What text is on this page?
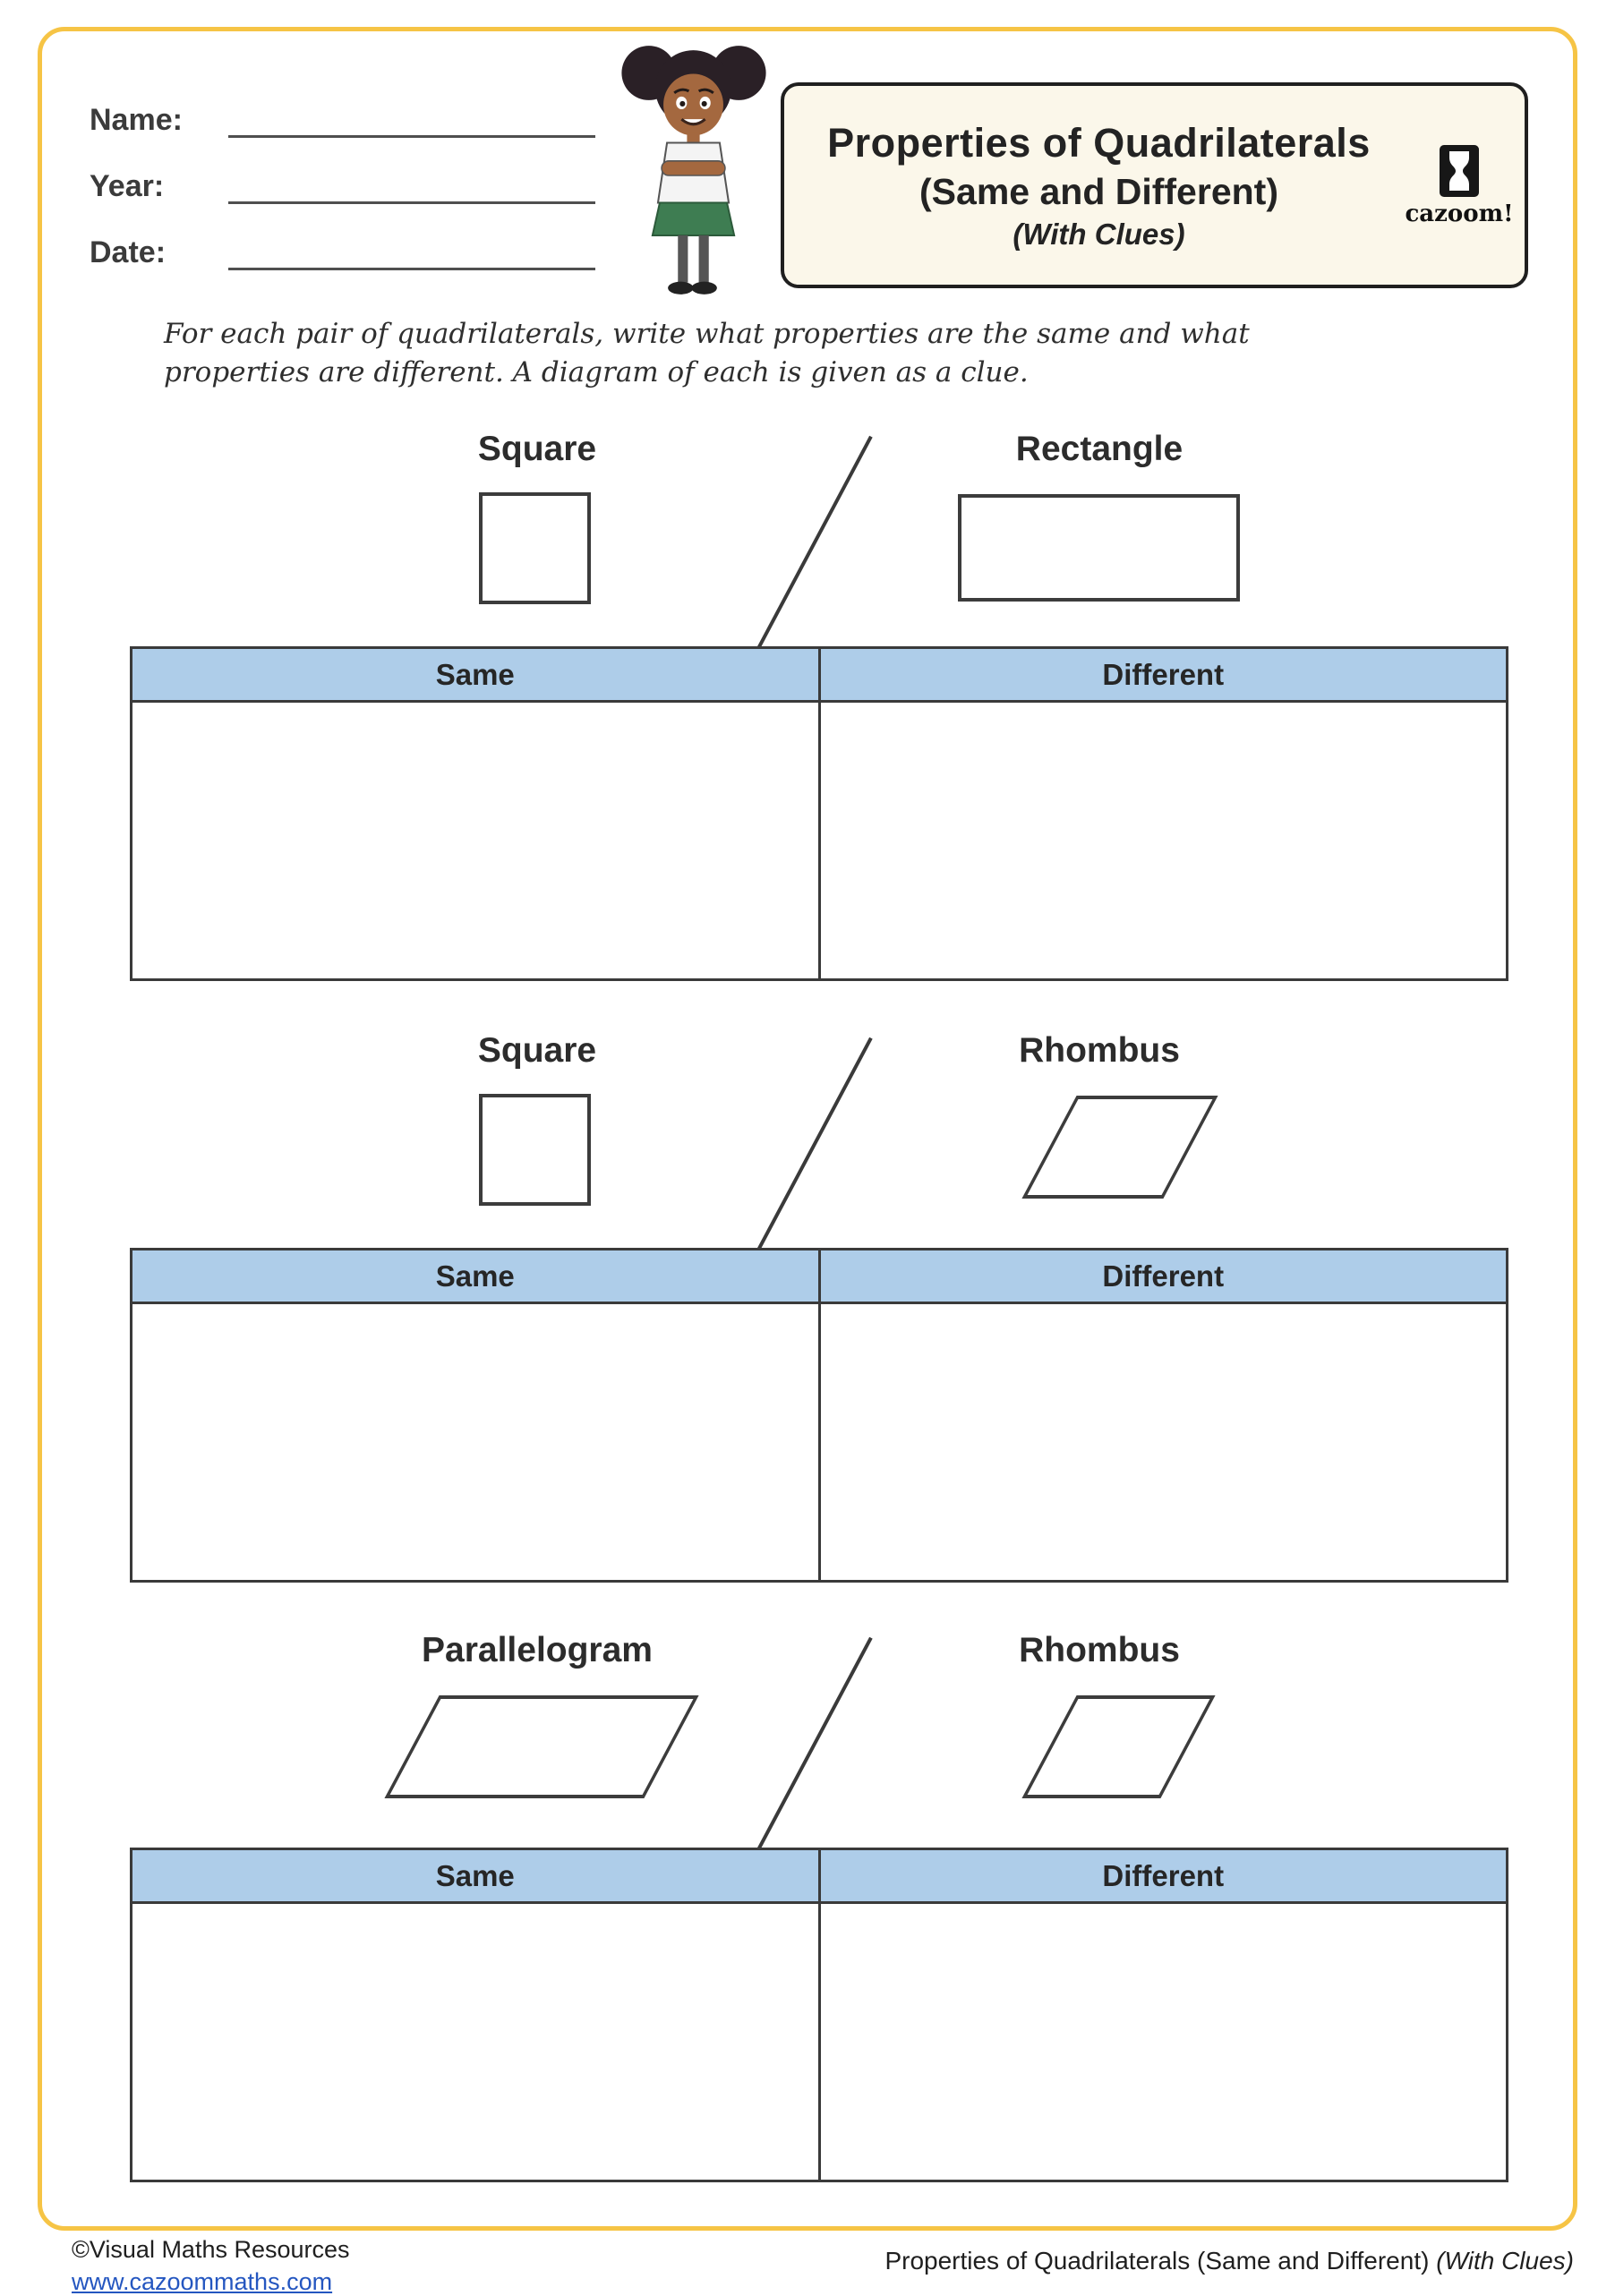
Name:
Year:
Date:
Properties of Quadrilaterals
(Same and Different)
(With Clues)
cazoom!
For each pair of quadrilaterals, write what properties are the same and what
properties are different. A diagram of each is given as a clue.
Square	Rectangle
Same	Different
Square	Rhombus
Same	Different
Parallelogram	Rhombus
Same	Different
©Visual Maths Resources
www.cazoommaths.com
Properties of Quadrilaterals (Same and Different) (With Clues)
